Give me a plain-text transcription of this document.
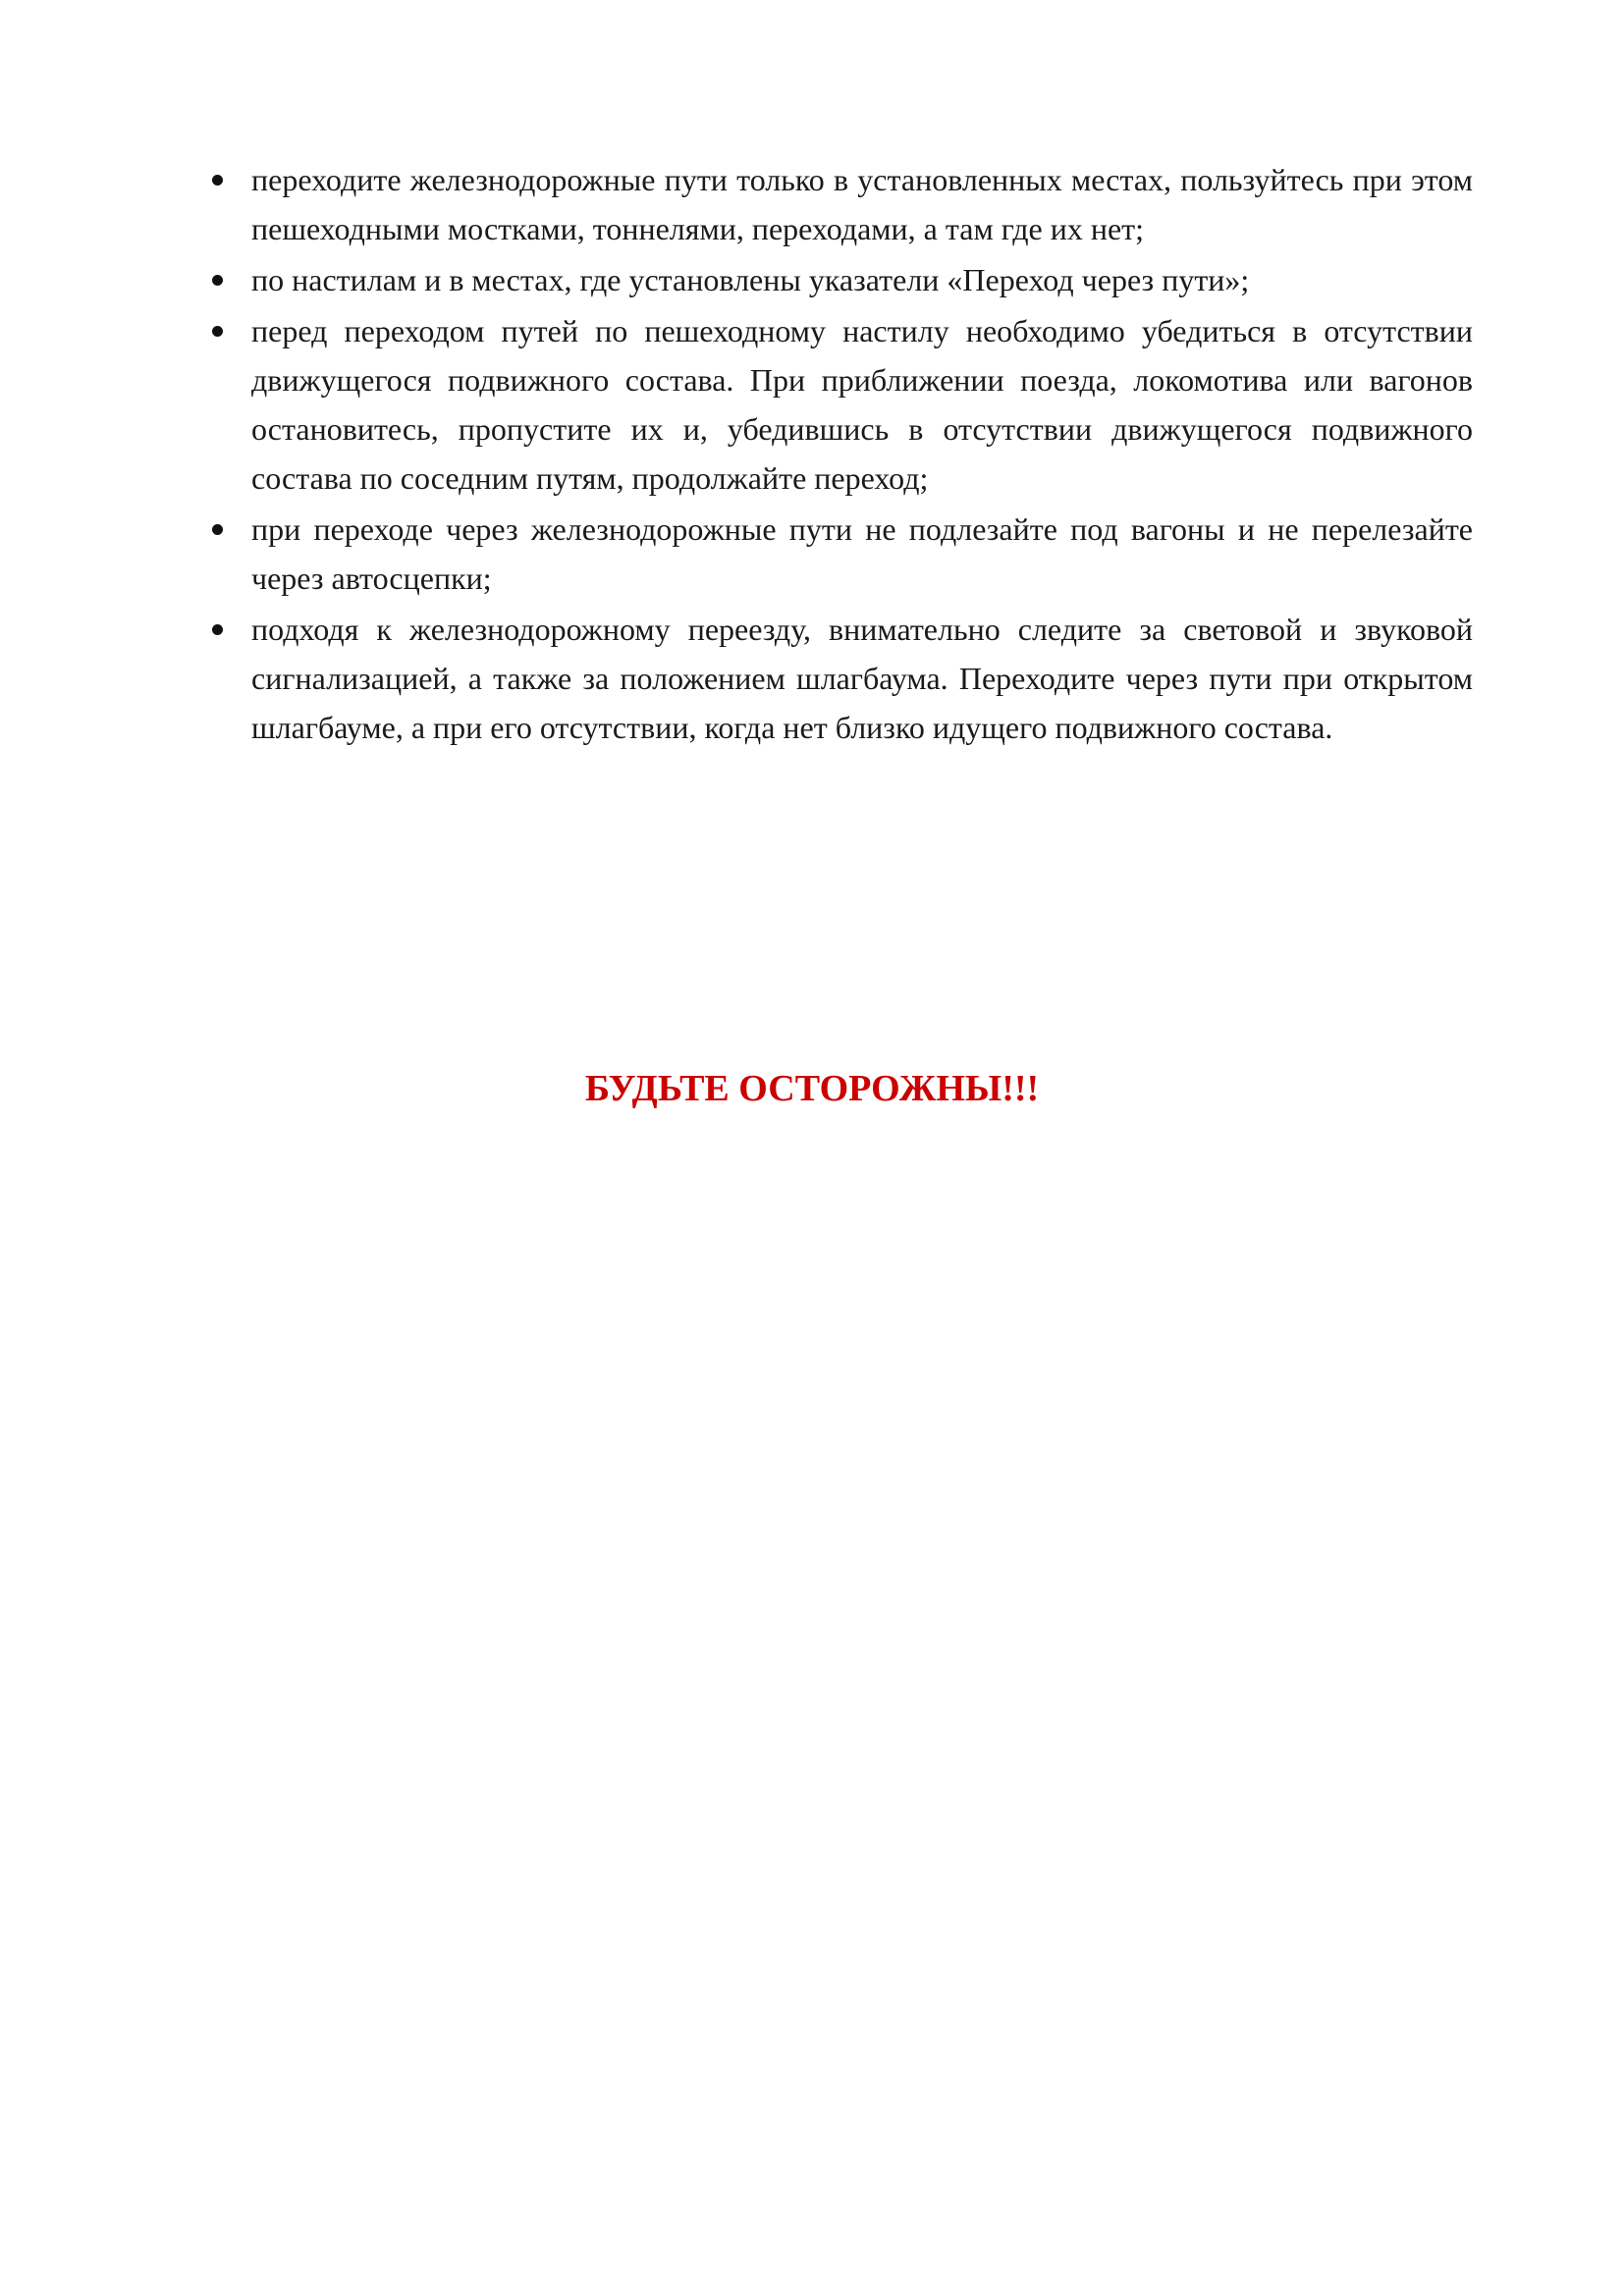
переходите железнодорожные пути только в установленных местах, пользуйтесь при этом пешеходными мостками, тоннелями, переходами, а там где их нет;
по настилам и в местах, где установлены указатели «Переход через пути»;
перед переходом путей по пешеходному настилу необходимо убедиться в отсутствии движущегося подвижного состава. При приближении поезда, локомотива или вагонов остановитесь, пропустите их и, убедившись в отсутствии движущегося подвижного состава по соседним путям, продолжайте переход;
при переходе через железнодорожные пути не подлезайте под вагоны и не перелезайте через автосцепки;
подходя к железнодорожному переезду, внимательно следите за световой и звуковой сигнализацией, а также за положением шлагбаума. Переходите через пути при открытом шлагбауме, а при его отсутствии, когда нет близко идущего подвижного состава.
БУДЬТЕ ОСТОРОЖНЫ!!!
